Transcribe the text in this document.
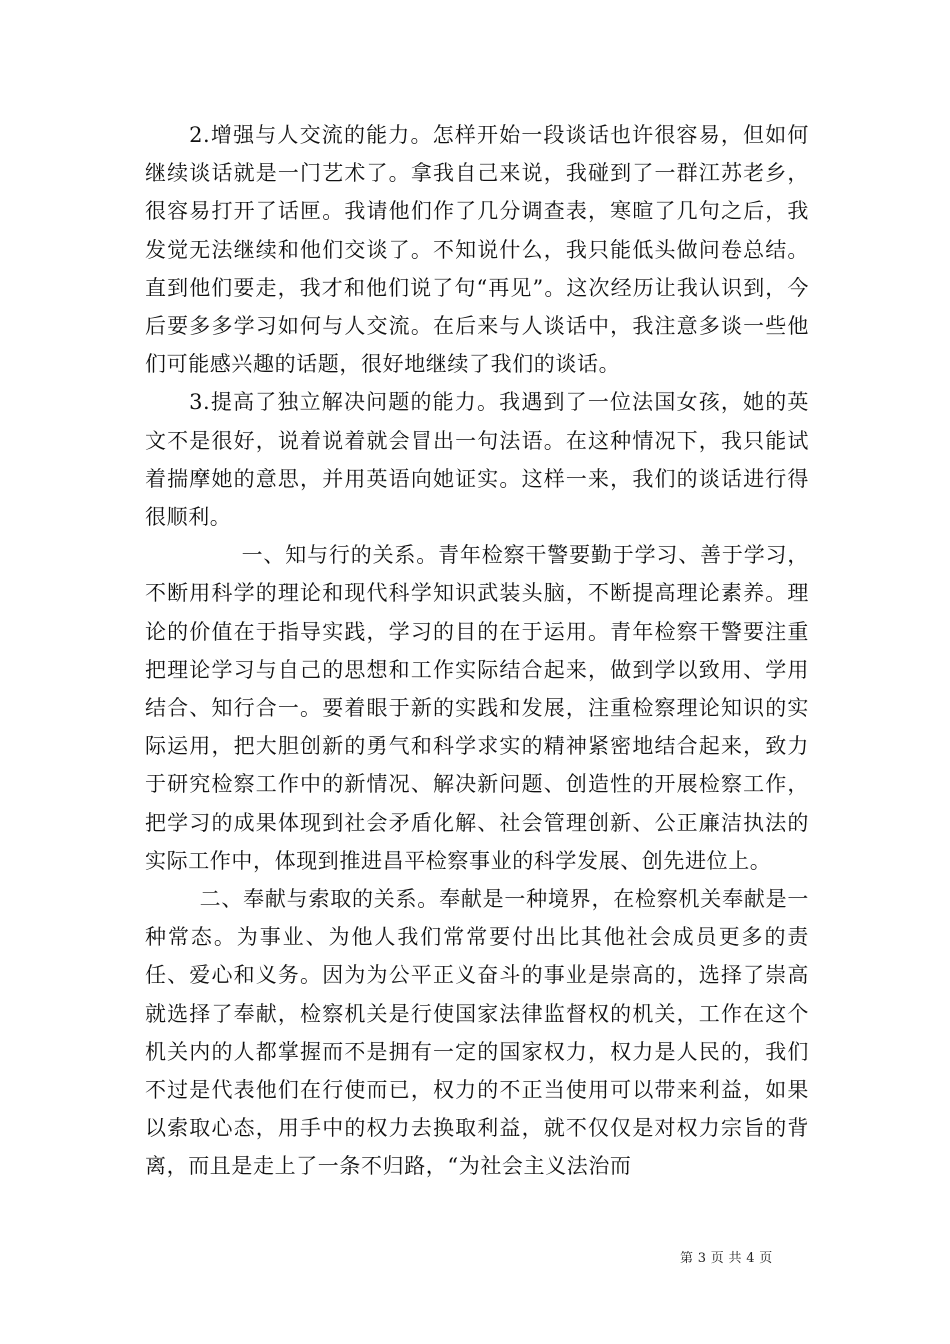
2.增强与人交流的能力。怎样开始一段谈话也许很容易，但如何继续谈话就是一门艺术了。拿我自己来说，我碰到了一群江苏老乡，很容易打开了话匣。我请他们作了几分调查表，寒暄了几句之后，我发觉无法继续和他们交谈了。不知说什么，我只能低头做问卷总结。直到他们要走，我才和他们说了句“再见”。这次经历让我认识到，今后要多多学习如何与人交流。在后来与人谈话中，我注意多谈一些他们可能感兴趣的话题，很好地继续了我们的谈话。

3.提高了独立解决问题的能力。我遇到了一位法国女孩，她的英文不是很好，说着说着就会冒出一句法语。在这种情况下，我只能试着揣摩她的意思，并用英语向她证实。这样一来，我们的谈话进行得很顺利。

一、知与行的关系。青年检察干警要勤于学习、善于学习，不断用科学的理论和现代科学知识武装头脑，不断提高理论素养。理论的价值在于指导实践，学习的目的在于运用。青年检察干警要注重把理论学习与自己的思想和工作实际结合起来，做到学以致用、学用结合、知行合一。要着眼于新的实践和发展，注重检察理论知识的实际运用，把大胆创新的勇气和科学求实的精神紧密地结合起来，致力于研究检察工作中的新情况、解决新问题、创造性的开展检察工作，把学习的成果体现到社会矛盾化解、社会管理创新、公正廉洁执法的实际工作中，体现到推进昌平检察事业的科学发展、创先进位上。

二、奉献与索取的关系。奉献是一种境界，在检察机关奉献是一种常态。为事业、为他人我们常常要付出比其他社会成员更多的责任、爱心和义务。因为为公平正义奋斗的事业是崇高的，选择了崇高就选择了奉献，检察机关是行使国家法律监督权的机关，工作在这个机关内的人都掌握而不是拥有一定的国家权力，权力是人民的，我们不过是代表他们在行使而已，权力的不正当使用可以带来利益，如果以索取心态，用手中的权力去换取利益，就不仅仅是对权力宗旨的背离，而且是走上了一条不归路，“为社会主义法治而

第 3 页 共 4 页
